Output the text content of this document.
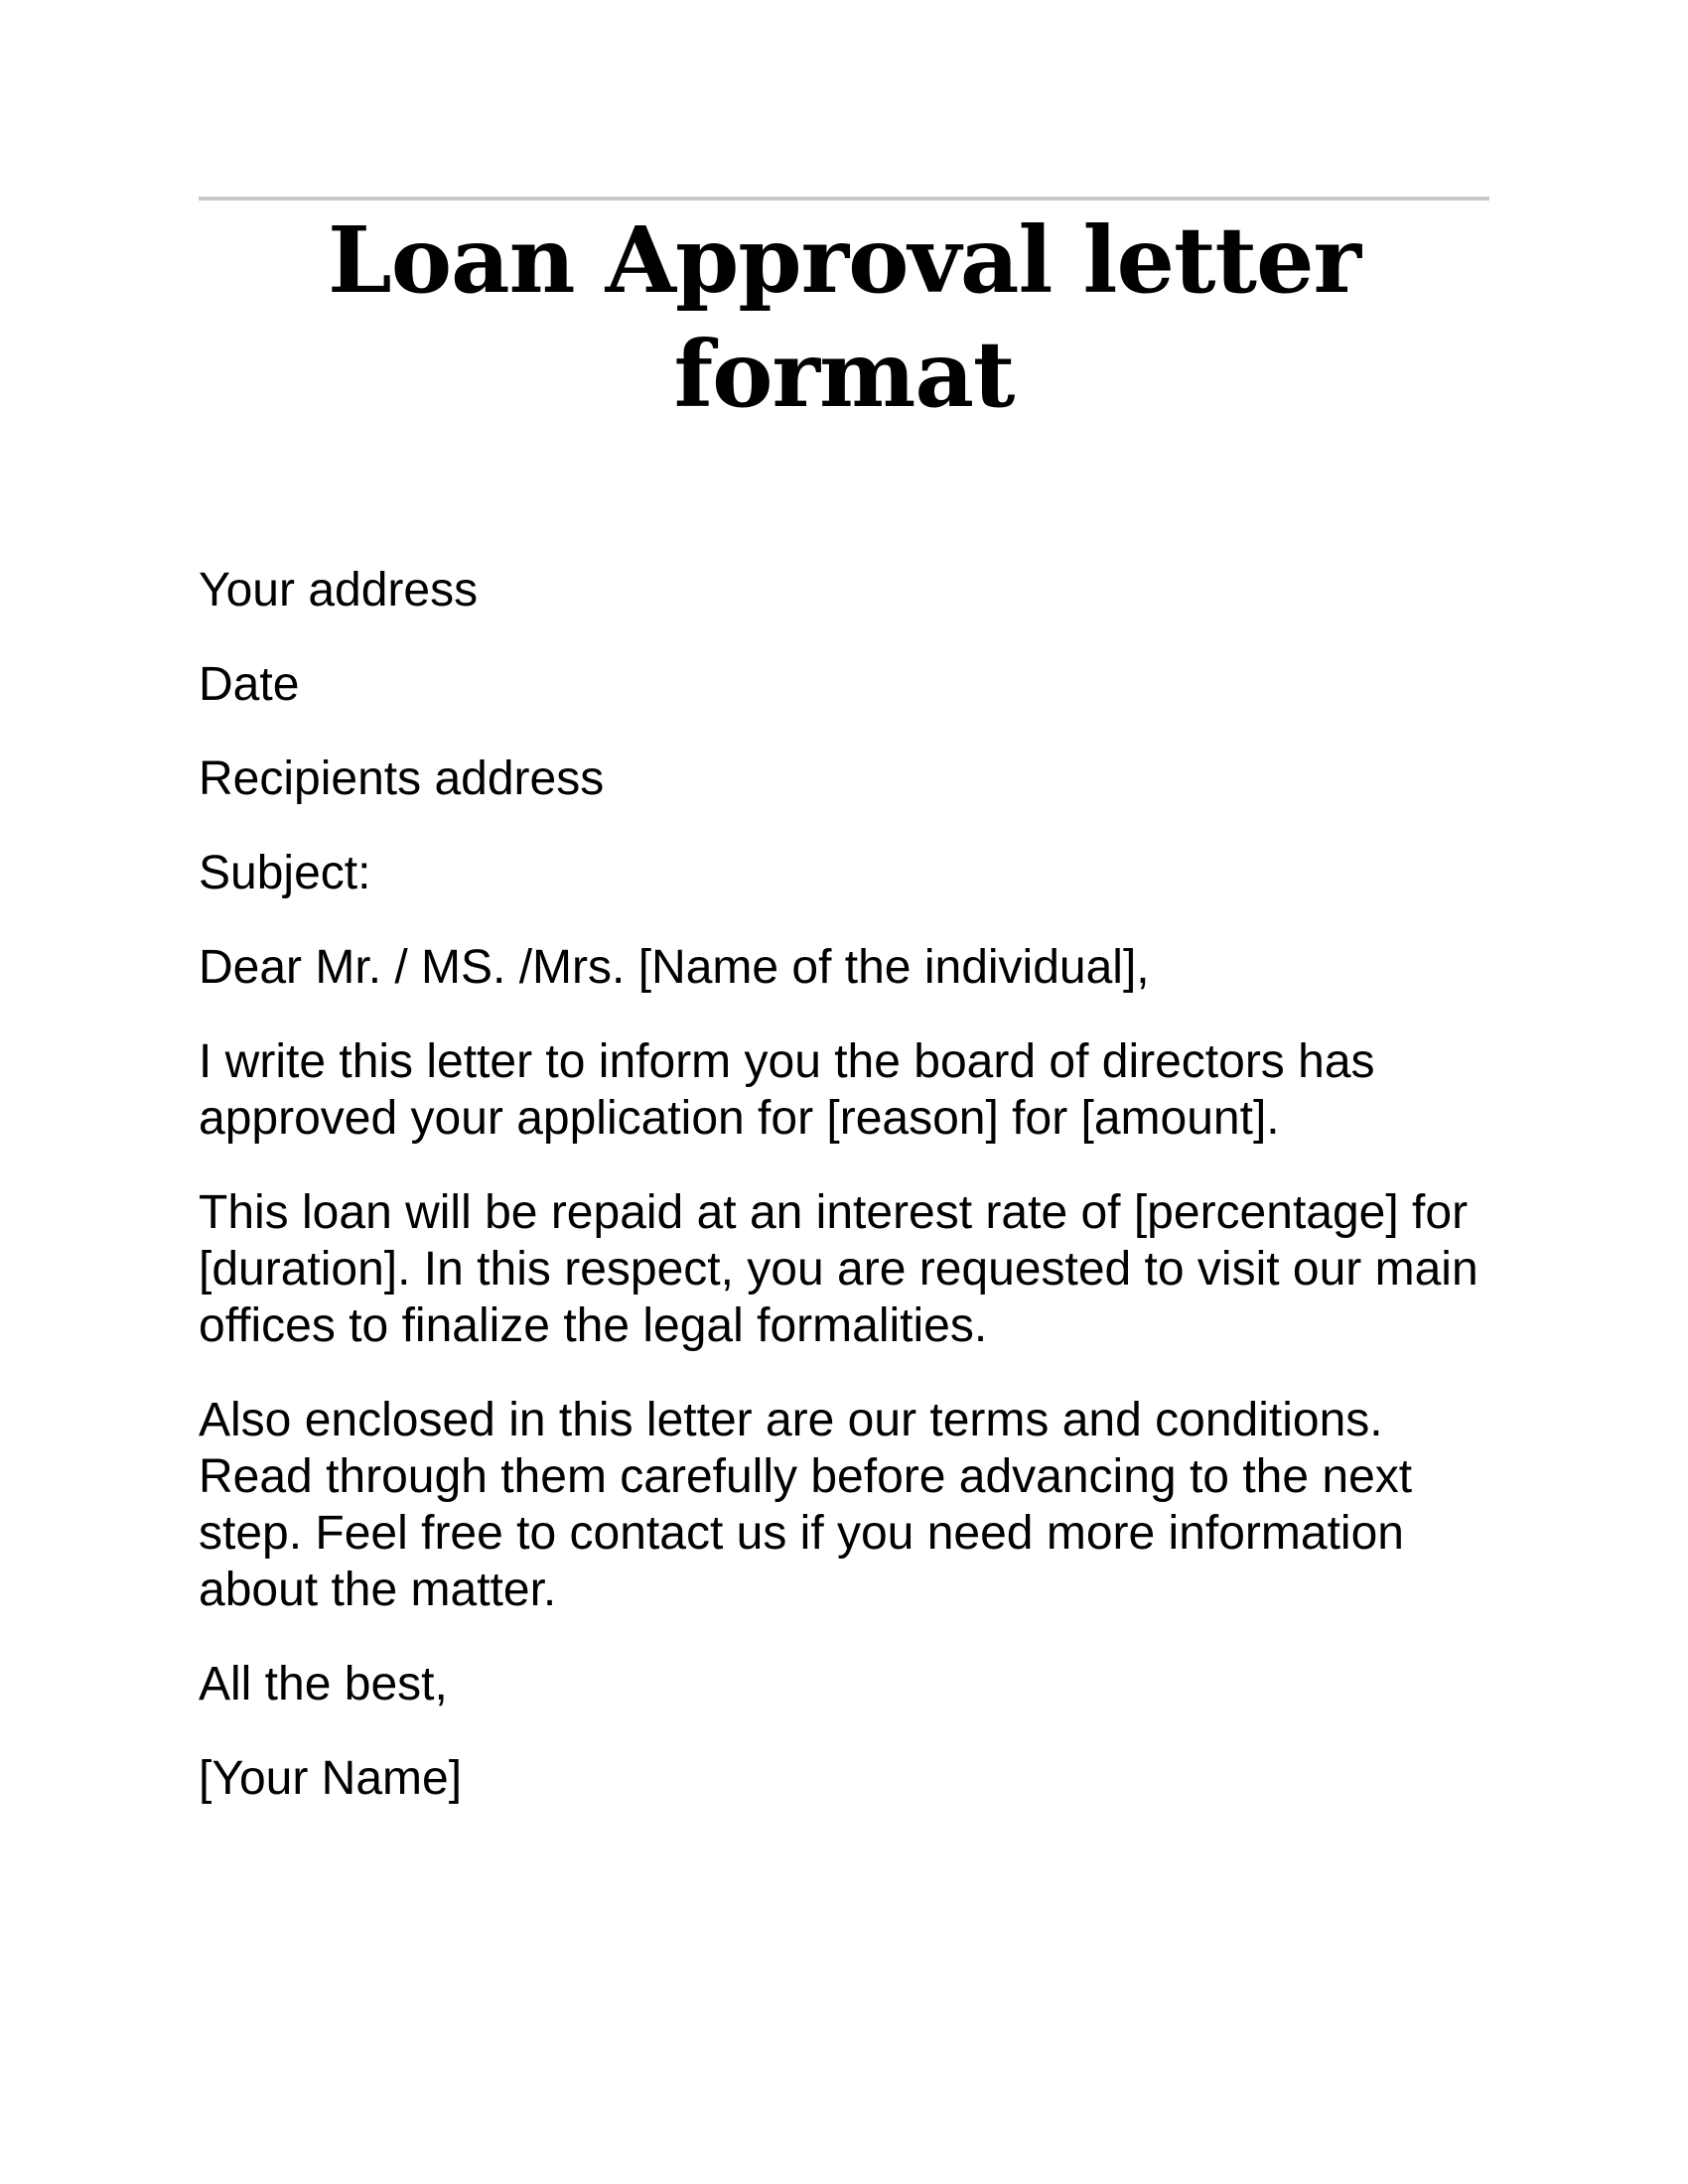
Loan Approval letter format

Your address

Date

Recipients address

Subject:

Dear Mr. / MS. /Mrs. [Name of the individual],

I write this letter to inform you the board of directors has approved your application for [reason] for [amount].

This loan will be repaid at an interest rate of [percentage] for [duration]. In this respect, you are requested to visit our main offices to finalize the legal formalities.

Also enclosed in this letter are our terms and conditions. Read through them carefully before advancing to the next step. Feel free to contact us if you need more information about the matter.

All the best,

[Your Name]
